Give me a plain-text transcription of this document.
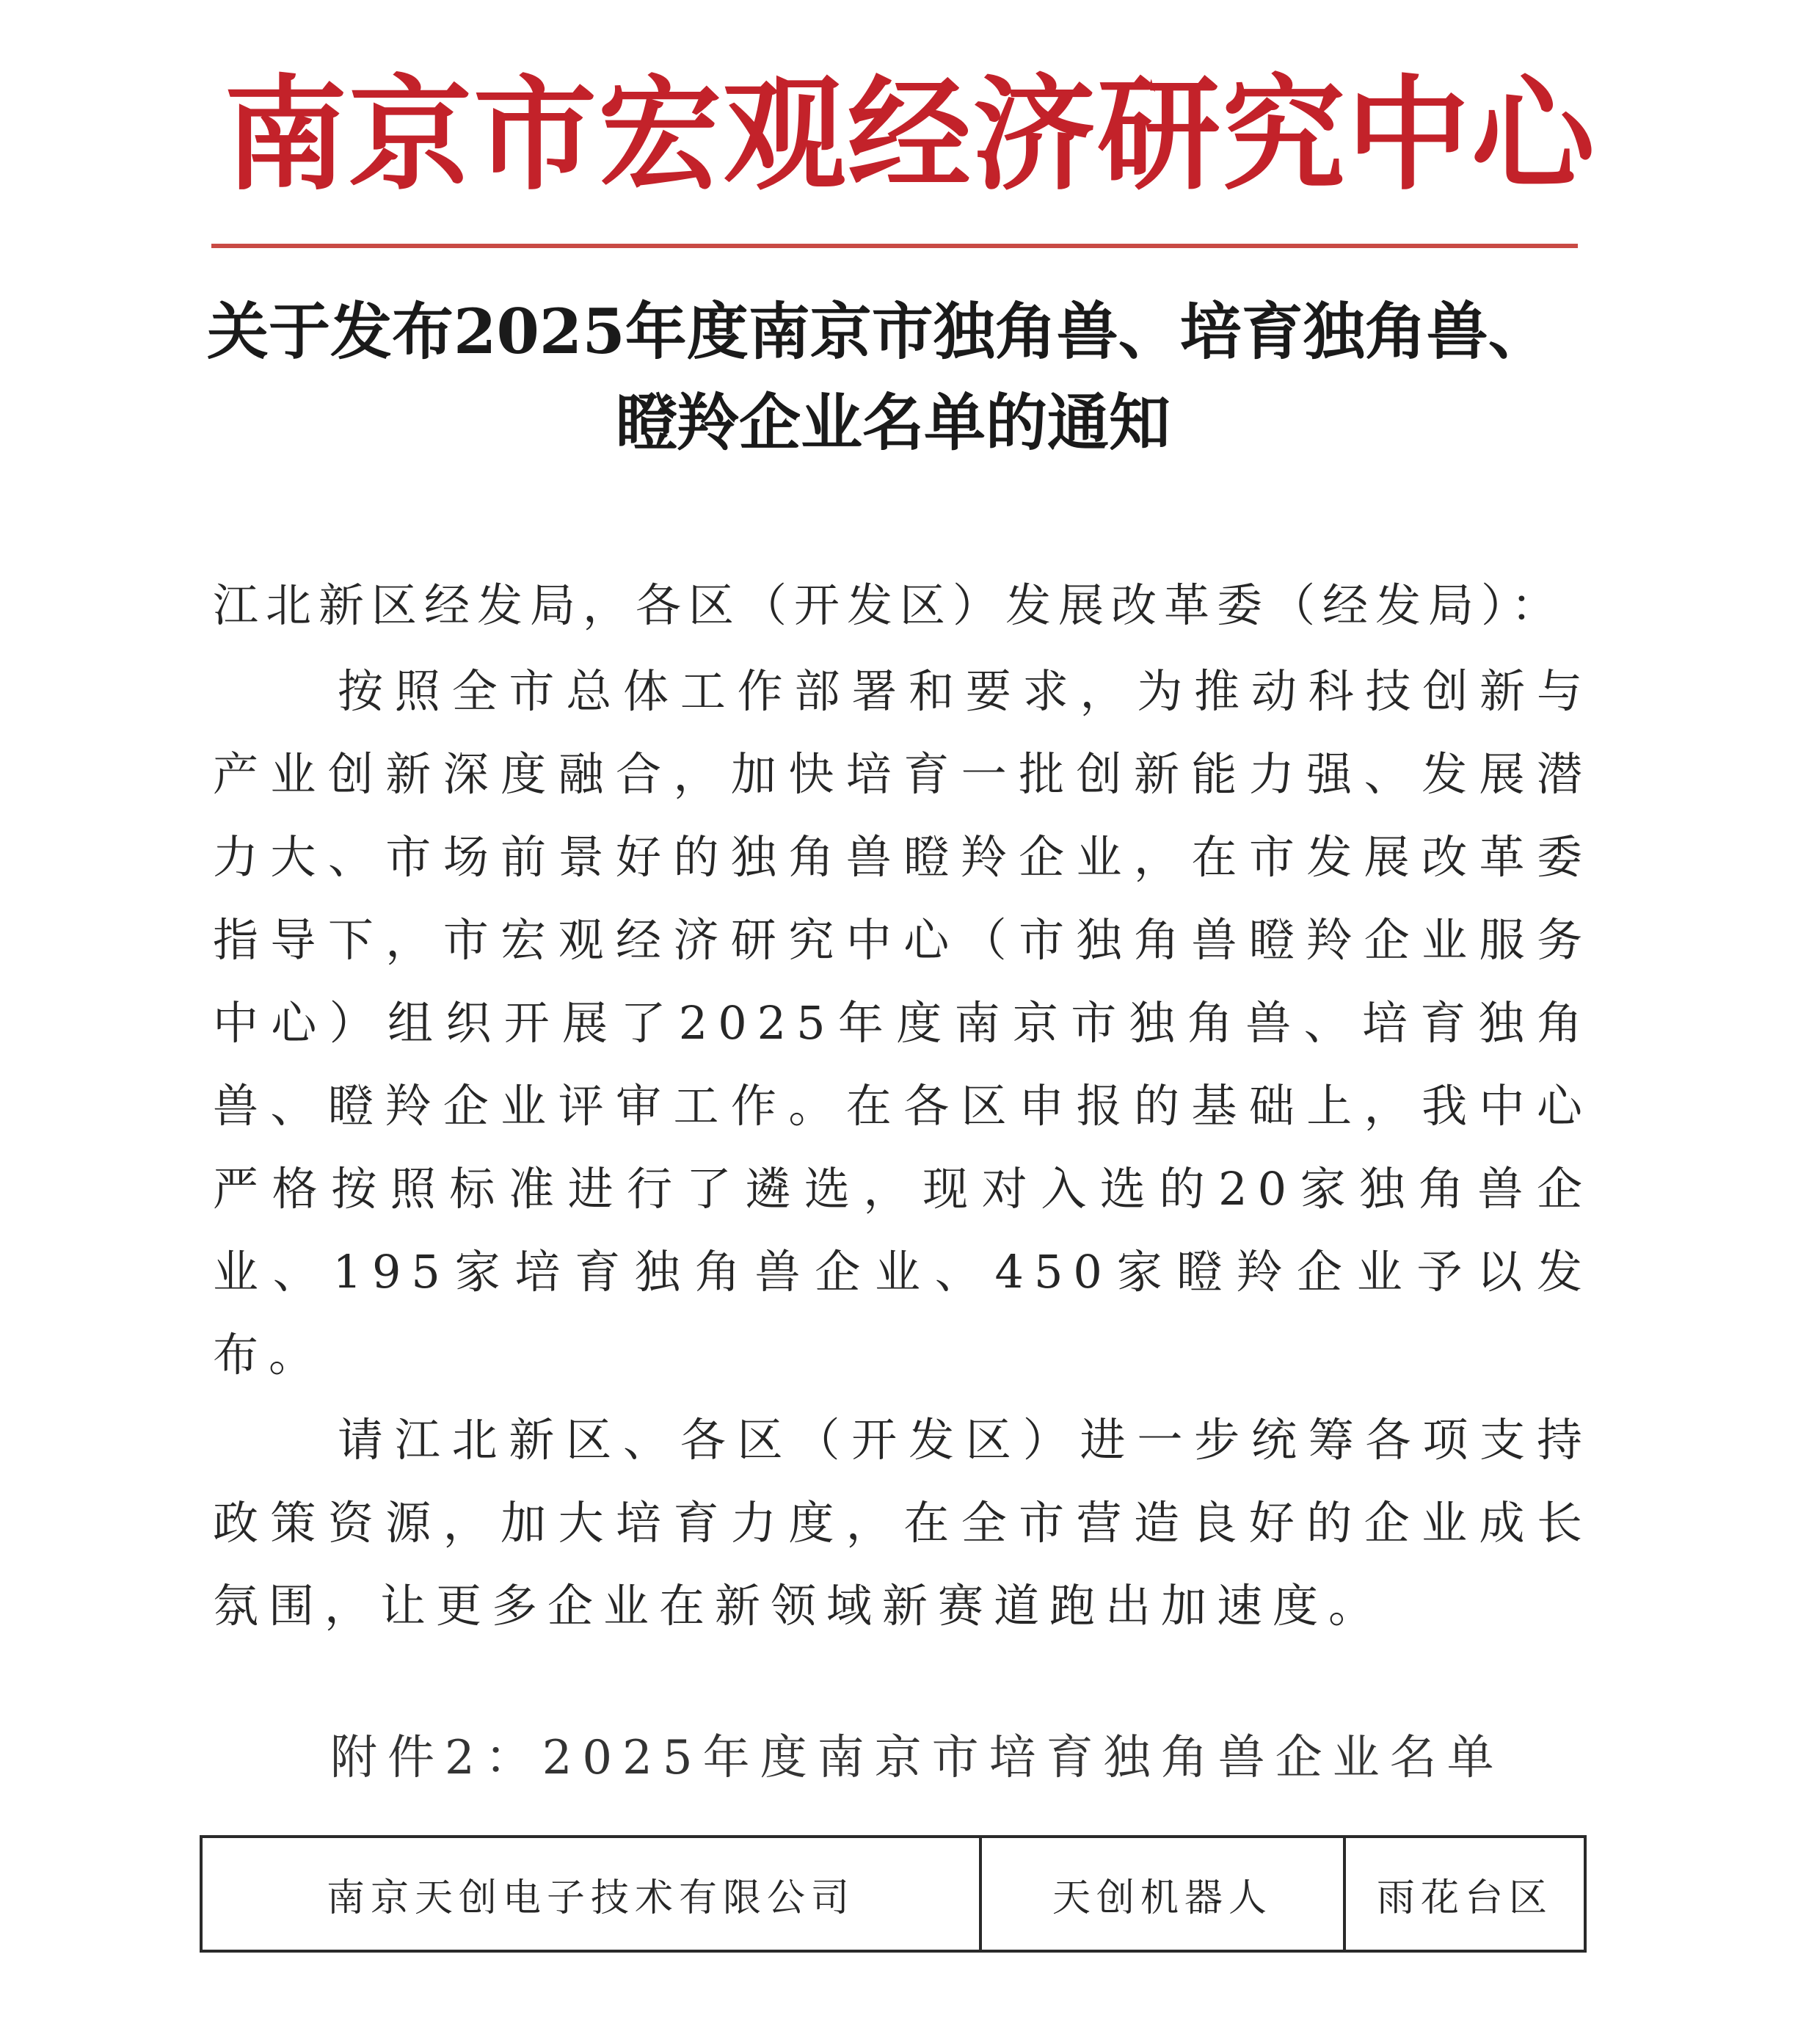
南京市宏观经济研究中心
关于发布2025年度南京市独角兽、培育独角兽、
瞪羚企业名单的通知
江北新区经发局，各区（开发区）发展改革委（经发局）：
按照全市总体工作部署和要求，为推动科技创新与产业创新深度融合，加快培育一批创新能力强、发展潜力大、市场前景好的独角兽瞪羚企业，在市发展改革委指导下，市宏观经济研究中心（市独角兽瞪羚企业服务中心）组织开展了2025年度南京市独角兽、培育独角兽、瞪羚企业评审工作。在各区申报的基础上，我中心严格按照标准进行了遴选，现对入选的20家独角兽企业、195家培育独角兽企业、450家瞪羚企业予以发布。
请江北新区、各区（开发区）进一步统筹各项支持政策资源，加大培育力度，在全市营造良好的企业成长氛围，让更多企业在新领域新赛道跑出加速度。
附件2：2025年度南京市培育独角兽企业名单
南京天创电子技术有限公司	天创机器人	雨花台区
